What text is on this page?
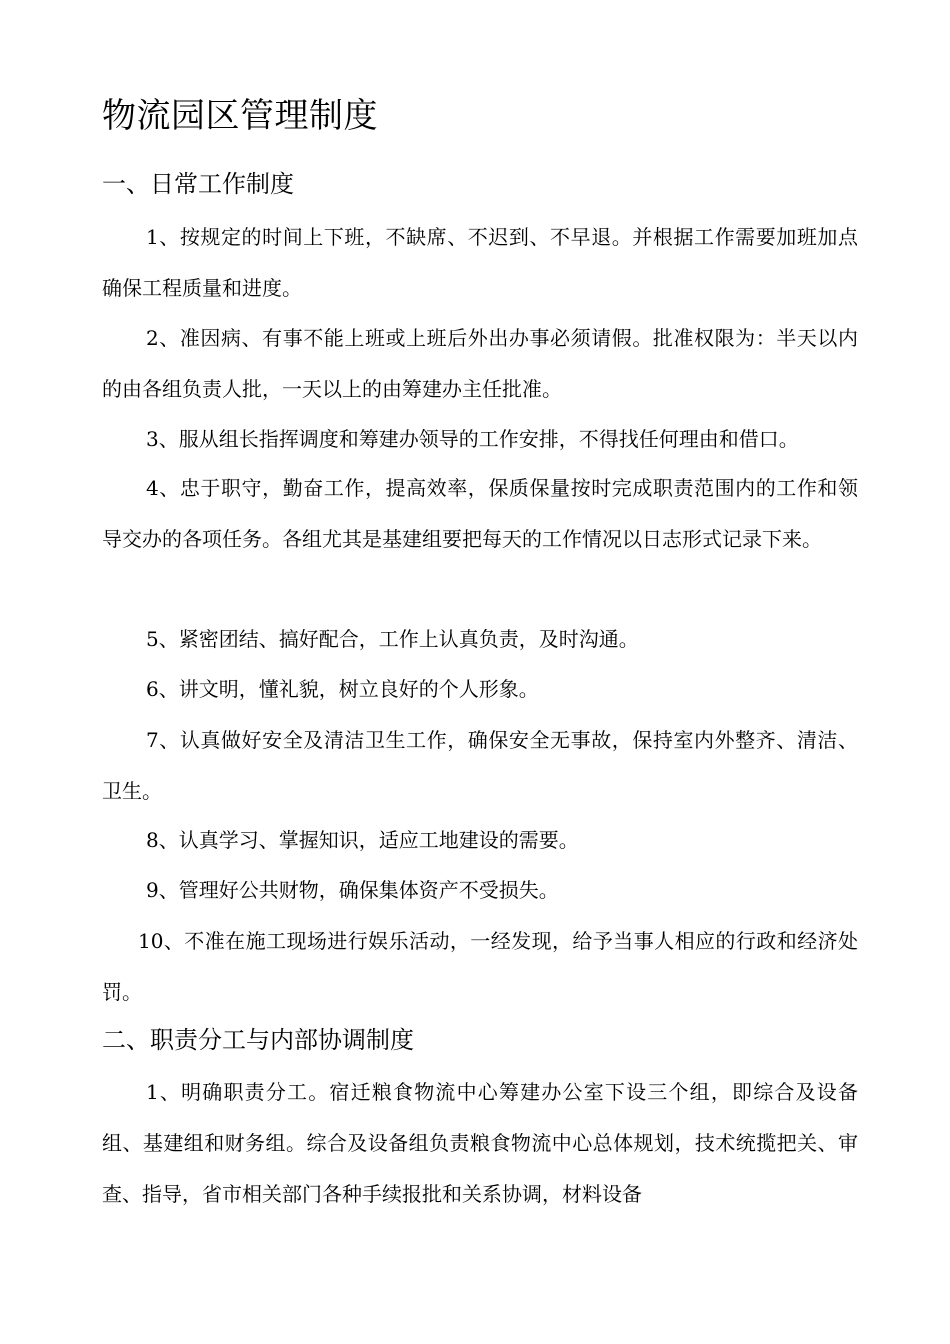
物流园区管理制度
一、日常工作制度
1、按规定的时间上下班，不缺席、不迟到、不早退。并根据工作需要加班加点确保工程质量和进度。
2、准因病、有事不能上班或上班后外出办事必须请假。批准权限为：半天以内的由各组负责人批，一天以上的由筹建办主任批准。
3、服从组长指挥调度和筹建办领导的工作安排，不得找任何理由和借口。
4、忠于职守，勤奋工作，提高效率，保质保量按时完成职责范围内的工作和领导交办的各项任务。各组尤其是基建组要把每天的工作情况以日志形式记录下来。
5、紧密团结、搞好配合，工作上认真负责，及时沟通。
6、讲文明，懂礼貌，树立良好的个人形象。
7、认真做好安全及清洁卫生工作，确保安全无事故，保持室内外整齐、清洁、卫生。
8、认真学习、掌握知识，适应工地建设的需要。
9、管理好公共财物，确保集体资产不受损失。
10、不准在施工现场进行娱乐活动，一经发现，给予当事人相应的行政和经济处罚。
二、职责分工与内部协调制度
1、明确职责分工。宿迁粮食物流中心筹建办公室下设三个组，即综合及设备组、基建组和财务组。综合及设备组负责粮食物流中心总体规划，技术统揽把关、审查、指导，省市相关部门各种手续报批和关系协调，材料设备
